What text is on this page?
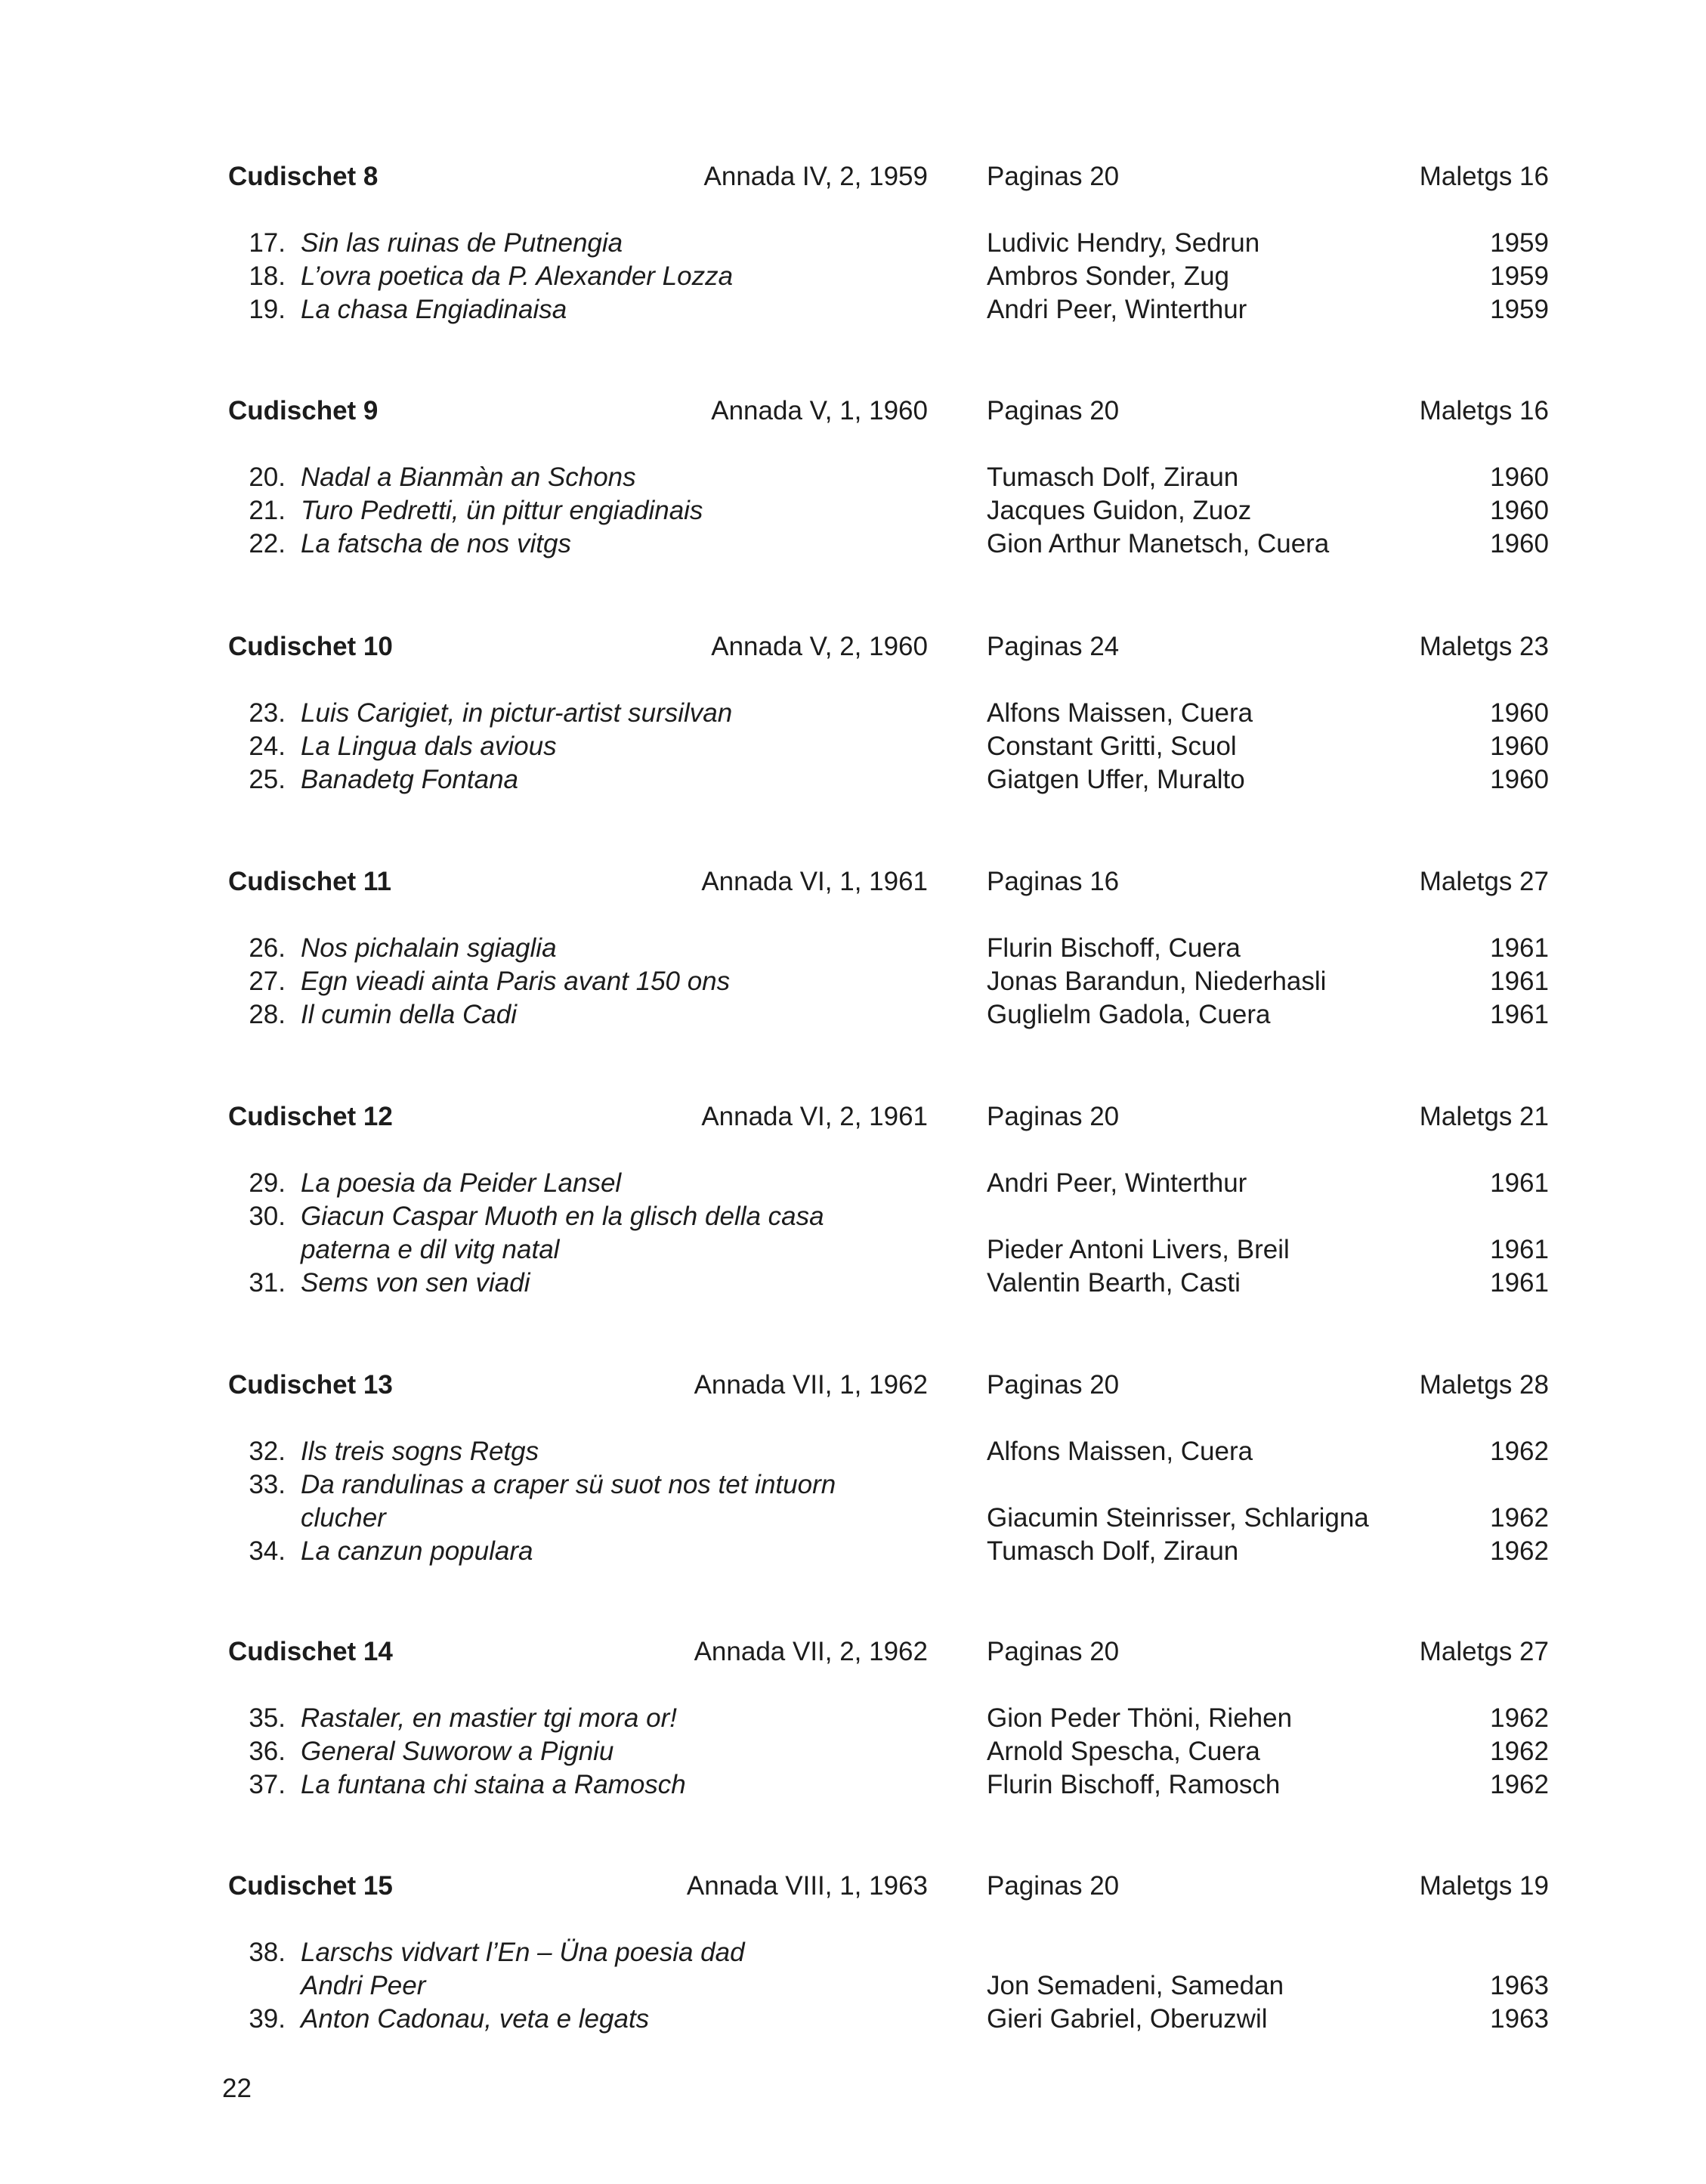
Cudischet 8	Annada IV, 2, 1959 Paginas 20	Maletgs 16
17. Sin las ruinas de Putnengia	Ludivic Hendry, Sedrun	1959
18. L’ovra poetica da P. Alexander Lozza	Ambros Sonder, Zug	1959
19. La chasa Engiadinaisa	Andri Peer, Winterthur	1959
Cudischet 9	Annada V, 1, 1960 Paginas 20	Maletgs 16
20. Nadal a Bianmàn an Schons	Tumasch Dolf, Ziraun	1960
21. Turo Pedretti, ün pittur engiadinais	Jacques Guidon, Zuoz	1960
22. La fatscha de nos vitgs	Gion Arthur Manetsch, Cuera	1960
Cudischet 10	Annada V, 2, 1960 Paginas 24	Maletgs 23
23. Luis Carigiet, in pictur-artist sursilvan	Alfons Maissen, Cuera	1960
24. La Lingua dals avious	Constant Gritti, Scuol	1960
25. Banadetg Fontana	Giatgen Uffer, Muralto	1960
Cudischet 11	Annada VI, 1, 1961 Paginas 16	Maletgs 27
26. Nos pichalain sgiaglia	Flurin Bischoff, Cuera	1961
27. Egn vieadi ainta Paris avant 150 ons	Jonas Barandun, Niederhasli	1961
28. Il cumin della Cadi	Guglielm Gadola, Cuera	1961
Cudischet 12	Annada VI, 2, 1961 Paginas 20	Maletgs 21
29. La poesia da Peider Lansel	Andri Peer, Winterthur	1961
30. Giacun Caspar Muoth en la glisch della casa
paterna e dil vitg natal	Pieder Antoni Livers, Breil	1961
31. Sems von sen viadi	Valentin Bearth, Casti	1961
Cudischet 13	Annada VII, 1, 1962 Paginas 20	Maletgs 28
32. Ils treis sogns Retgs	Alfons Maissen, Cuera	1962
33. Da randulinas a craper sü suot nos tet intuorn
clucher	Giacumin Steinrisser, Schlarigna	1962
34. La canzun populara	Tumasch Dolf, Ziraun	1962
Cudischet 14	Annada VII, 2, 1962 Paginas 20	Maletgs 27
35. Rastaler, en mastier tgi mora or!	Gion Peder Thöni, Riehen	1962
36. General Suworow a Pigniu	Arnold Spescha, Cuera	1962
37. La funtana chi staina a Ramosch	Flurin Bischoff, Ramosch	1962
Cudischet 15	Annada VIII, 1, 1963 Paginas 20	Maletgs 19
38. Larschs vidvart l’En – Üna poesia dad
Andri Peer	Jon Semadeni, Samedan	1963
39. Anton Cadonau, veta e legats	Gieri Gabriel, Oberuzwil	1963
22
